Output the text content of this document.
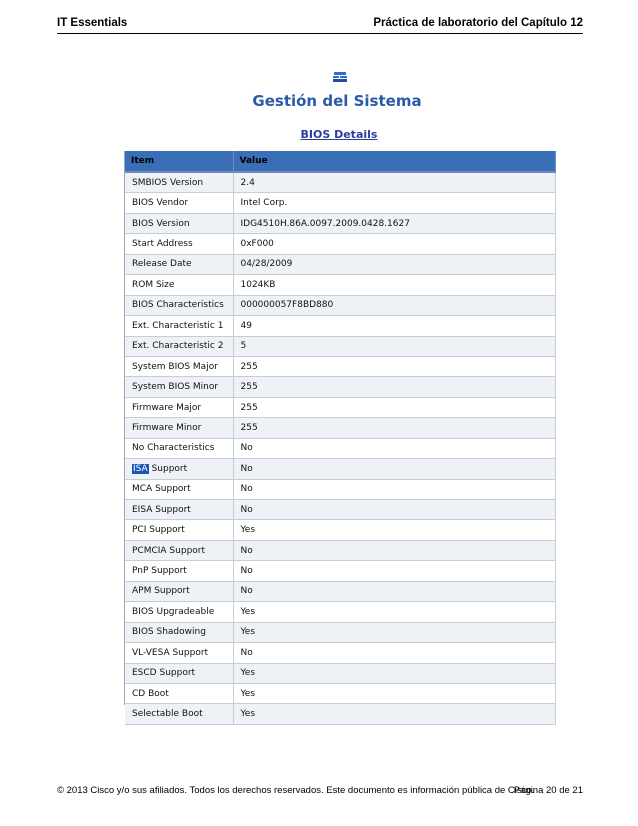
IT Essentials	Práctica de laboratorio del Capítulo 12
Gestión del Sistema
BIOS Details
Item	Value
SMBIOS Version	2.4
BIOS Vendor	Intel Corp.
BIOS Version	IDG4510H.86A.0097.2009.0428.1627
Start Address	0xF000
Release Date	04/28/2009
ROM Size	1024KB
BIOS Characteristics	000000057F8BD880
Ext. Characteristic 1	49
Ext. Characteristic 2	5
System BIOS Major	255
System BIOS Minor	255
Firmware Major	255
Firmware Minor	255
No Characteristics	No
ISA Support	No
MCA Support	No
EISA Support	No
PCI Support	Yes
PCMCIA Support	No
PnP Support	No
APM Support	No
BIOS Upgradeable	Yes
BIOS Shadowing	Yes
VL-VESA Support	No
ESCD Support	Yes
CD Boot	Yes
Selectable Boot	Yes
© 2013 Cisco y/o sus afiliados. Todos los derechos reservados. Este documento es información pública de Cisco.
Página 20 de 21
